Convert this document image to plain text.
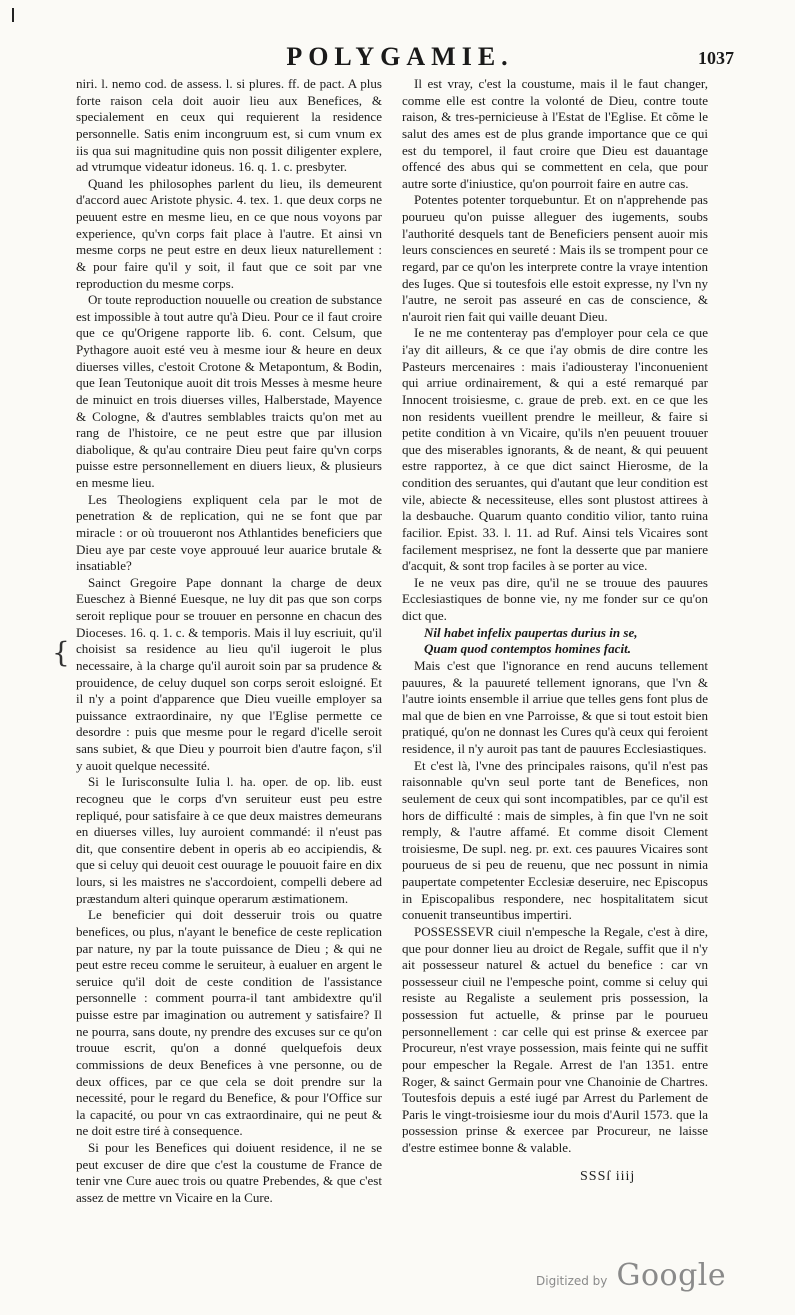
POLYGAMIE.	1037
{

niri. l. nemo cod. de assess. l. si plures. ff. de pact. A plus forte raison cela doit auoir lieu aux Benefices, & specialement en ceux qui requierent la residence personnelle. Satis enim incongruum est, si cum vnum ex iis qua sui magnitudine quis non possit diligenter explere, ad vtrumque videatur idoneus. 16. q. 1. c. presbyter.

Quand les philosophes parlent du lieu, ils demeurent d'accord auec Aristote physic. 4. tex. 1. que deux corps ne peuuent estre en mesme lieu, en ce que nous voyons par experience, qu'vn corps fait place à l'autre. Et ainsi vn mesme corps ne peut estre en deux lieux naturellement : & pour faire qu'il y soit, il faut que ce soit par vne reproduction du mesme corps.

Or toute reproduction nouuelle ou creation de substance est impossible à tout autre qu'à Dieu. Pour ce il faut croire que ce qu'Origene rapporte lib. 6. cont. Celsum, que Pythagore auoit esté veu à mesme iour & heure en deux diuerses villes, c'estoit Crotone & Metapontum, & Bodin, que Iean Teutonique auoit dit trois Messes à mesme heure de minuict en trois diuerses villes, Halberstade, Mayence & Cologne, & d'autres semblables traicts qu'on met au rang de l'histoire, ce ne peut estre que par illusion diabolique, & qu'au contraire Dieu peut faire qu'vn corps puisse estre personnellement en diuers lieux, & plusieurs en mesme lieu.

Les Theologiens expliquent cela par le mot de penetration & de replication, qui ne se font que par miracle : or où trouueront nos Athlantides beneficiers que Dieu aye par ceste voye approuué leur auarice brutale & insatiable?

Sainct Gregoire Pape donnant la charge de deux Eueschez à Bienné Euesque, ne luy dit pas que son corps seroit replique pour se trouuer en personne en chacun des Dioceses. 16. q. 1. c. & temporis. Mais il luy escriuit, qu'il choisist sa residence au lieu qu'il iugeroit le plus necessaire, à la charge qu'il auroit soin par sa prudence & prouidence, de celuy duquel son corps seroit esloigné. Et il n'y a point d'apparence que Dieu vueille employer sa puissance extraordinaire, ny que l'Eglise permette ce desordre : puis que mesme pour le regard d'icelle seroit sans subiet, & que Dieu y pourroit bien d'autre façon, s'il y auoit quelque necessité.

Si le Iurisconsulte Iulia l. ha. oper. de op. lib. eust recogneu que le corps d'vn seruiteur eust peu estre repliqué, pour satisfaire à ce que deux maistres demeurans en diuerses villes, luy auroient commandé: il n'eust pas dit, que consentire debent in operis ab eo accipiendis, & que si celuy qui deuoit cest ouurage le pouuoit faire en dix lours, si les maistres ne s'accordoient, compelli debere ad præstandum alteri quinque operarum æstimationem.

Le beneficier qui doit desseruir trois ou quatre benefices, ou plus, n'ayant le benefice de ceste replication par nature, ny par la toute puissance de Dieu ; & qui ne peut estre receu comme le seruiteur, à eualuer en argent le seruice qu'il doit de ceste condition de l'assistance personnelle : comment pourra-il tant ambidextre qu'il puisse estre par imagination ou autrement y satisfaire? Il ne pourra, sans doute, ny prendre des excuses sur ce qu'on trouue escrit, qu'on a donné quelquefois deux commissions de deux Benefices à vne personne, ou de deux offices, par ce que cela se doit prendre sur la necessité, pour le regard du Benefice, & pour l'Office sur la capacité, ou pour vn cas extraordinaire, qui ne peut & ne doit estre tiré à consequence.

Si pour les Benefices qui doiuent residence, il ne se peut excuser de dire que c'est la coustume de France de tenir vne Cure auec trois ou quatre Prebendes, & que c'est assez de mettre vn Vicaire en la Cure.

Il est vray, c'est la coustume, mais il le faut changer, comme elle est contre la volonté de Dieu, contre toute raison, & tres-pernicieuse à l'Estat de l'Eglise. Et cõme le salut des ames est de plus grande importance que ce qui est du temporel, il faut croire que Dieu est dauantage offencé des abus qui se commettent en cela, que pour autre sorte d'iniustice, qu'on pourroit faire en autre cas.

Potentes potenter torquebuntur. Et on n'apprehende pas pourueu qu'on puisse alleguer des iugements, soubs l'authorité desquels tant de Beneficiers pensent auoir mis leurs consciences en seureté : Mais ils se trompent pour ce regard, par ce qu'on les interprete contre la vraye intention des Iuges. Que si toutesfois elle estoit expresse, ny l'vn ny l'autre, ne seroit pas asseuré en cas de conscience, & n'auroit rien fait qui vaille deuant Dieu.

Ie ne me contenteray pas d'employer pour cela ce que i'ay dit ailleurs, & ce que i'ay obmis de dire contre les Pasteurs mercenaires : mais i'adiousteray l'inconuenient qui arriue ordinairement, & qui a esté remarqué par Innocent troisiesme, c. graue de preb. ext. en ce que les non residents vueillent prendre le meilleur, & faire si petite condition à vn Vicaire, qu'ils n'en peuuent trouuer que des miserables ignorants, & de neant, & qui peuuent estre rapportez, à ce que dict sainct Hierosme, de la condition des seruantes, qui d'autant que leur condition est vile, abiecte & necessiteuse, elles sont plustost attirees à la desbauche. Quarum quanto conditio vilior, tanto ruina facilior. Epist. 33. l. 11. ad Ruf. Ainsi tels Vicaires sont facilement mesprisez, ne font la desserte que par maniere d'acquit, & sont trop faciles à se porter au vice.

Ie ne veux pas dire, qu'il ne se trouue des pauures Ecclesiastiques de bonne vie, ny me fonder sur ce qu'on dict que.

Nil habet infelix paupertas durius in se,

Quam quod contemptos homines facit.

Mais c'est que l'ignorance en rend aucuns tellement pauures, & la pauureté tellement ignorans, que l'vn & l'autre ioints ensemble il arriue que telles gens font plus de mal que de bien en vne Parroisse, & que si tout estoit bien pratiqué, qu'on ne donnast les Cures qu'à ceux qui feroient residence, il n'y auroit pas tant de pauures Ecclesiastiques.

Et c'est là, l'vne des principales raisons, qu'il n'est pas raisonnable qu'vn seul porte tant de Benefices, non seulement de ceux qui sont incompatibles, par ce qu'il est hors de difficulté : mais de simples, à fin que l'vn ne soit remply, & l'autre affamé. Et comme disoit Clement troisiesme, De supl. neg. pr. ext. ces pauures Vicaires sont pourueus de si peu de reuenu, que nec possunt in nimia paupertate competenter Ecclesiæ deseruire, nec Episcopus in Episcopalibus respondere, nec hospitalitatem sicut conuenit transeuntibus impertiri.

POSSESSEVR ciuil n'empesche la Regale, c'est à dire, que pour donner lieu au droict de Regale, suffit que il n'y ait possesseur naturel & actuel du benefice : car vn possesseur ciuil ne l'empesche point, comme si celuy qui resiste au Regaliste a seulement pris possession, la possession fut actuelle, & prinse par le pourueu personnellement : car celle qui est prinse & exercee par Procureur, n'est vraye possession, mais feinte qui ne suffit pour empescher la Regale. Arrest de l'an 1351. entre Roger, & sainct Germain pour vne Chanoinie de Chartres. Toutesfois depuis a esté iugé par Arrest du Parlement de Paris le vingt-troisiesme iour du mois d'Auril 1573. que la possession prinse & exercee par Procureur, ne laisse d'estre estimee bonne & valable.

SSSſ iiij
Digitized by Google
